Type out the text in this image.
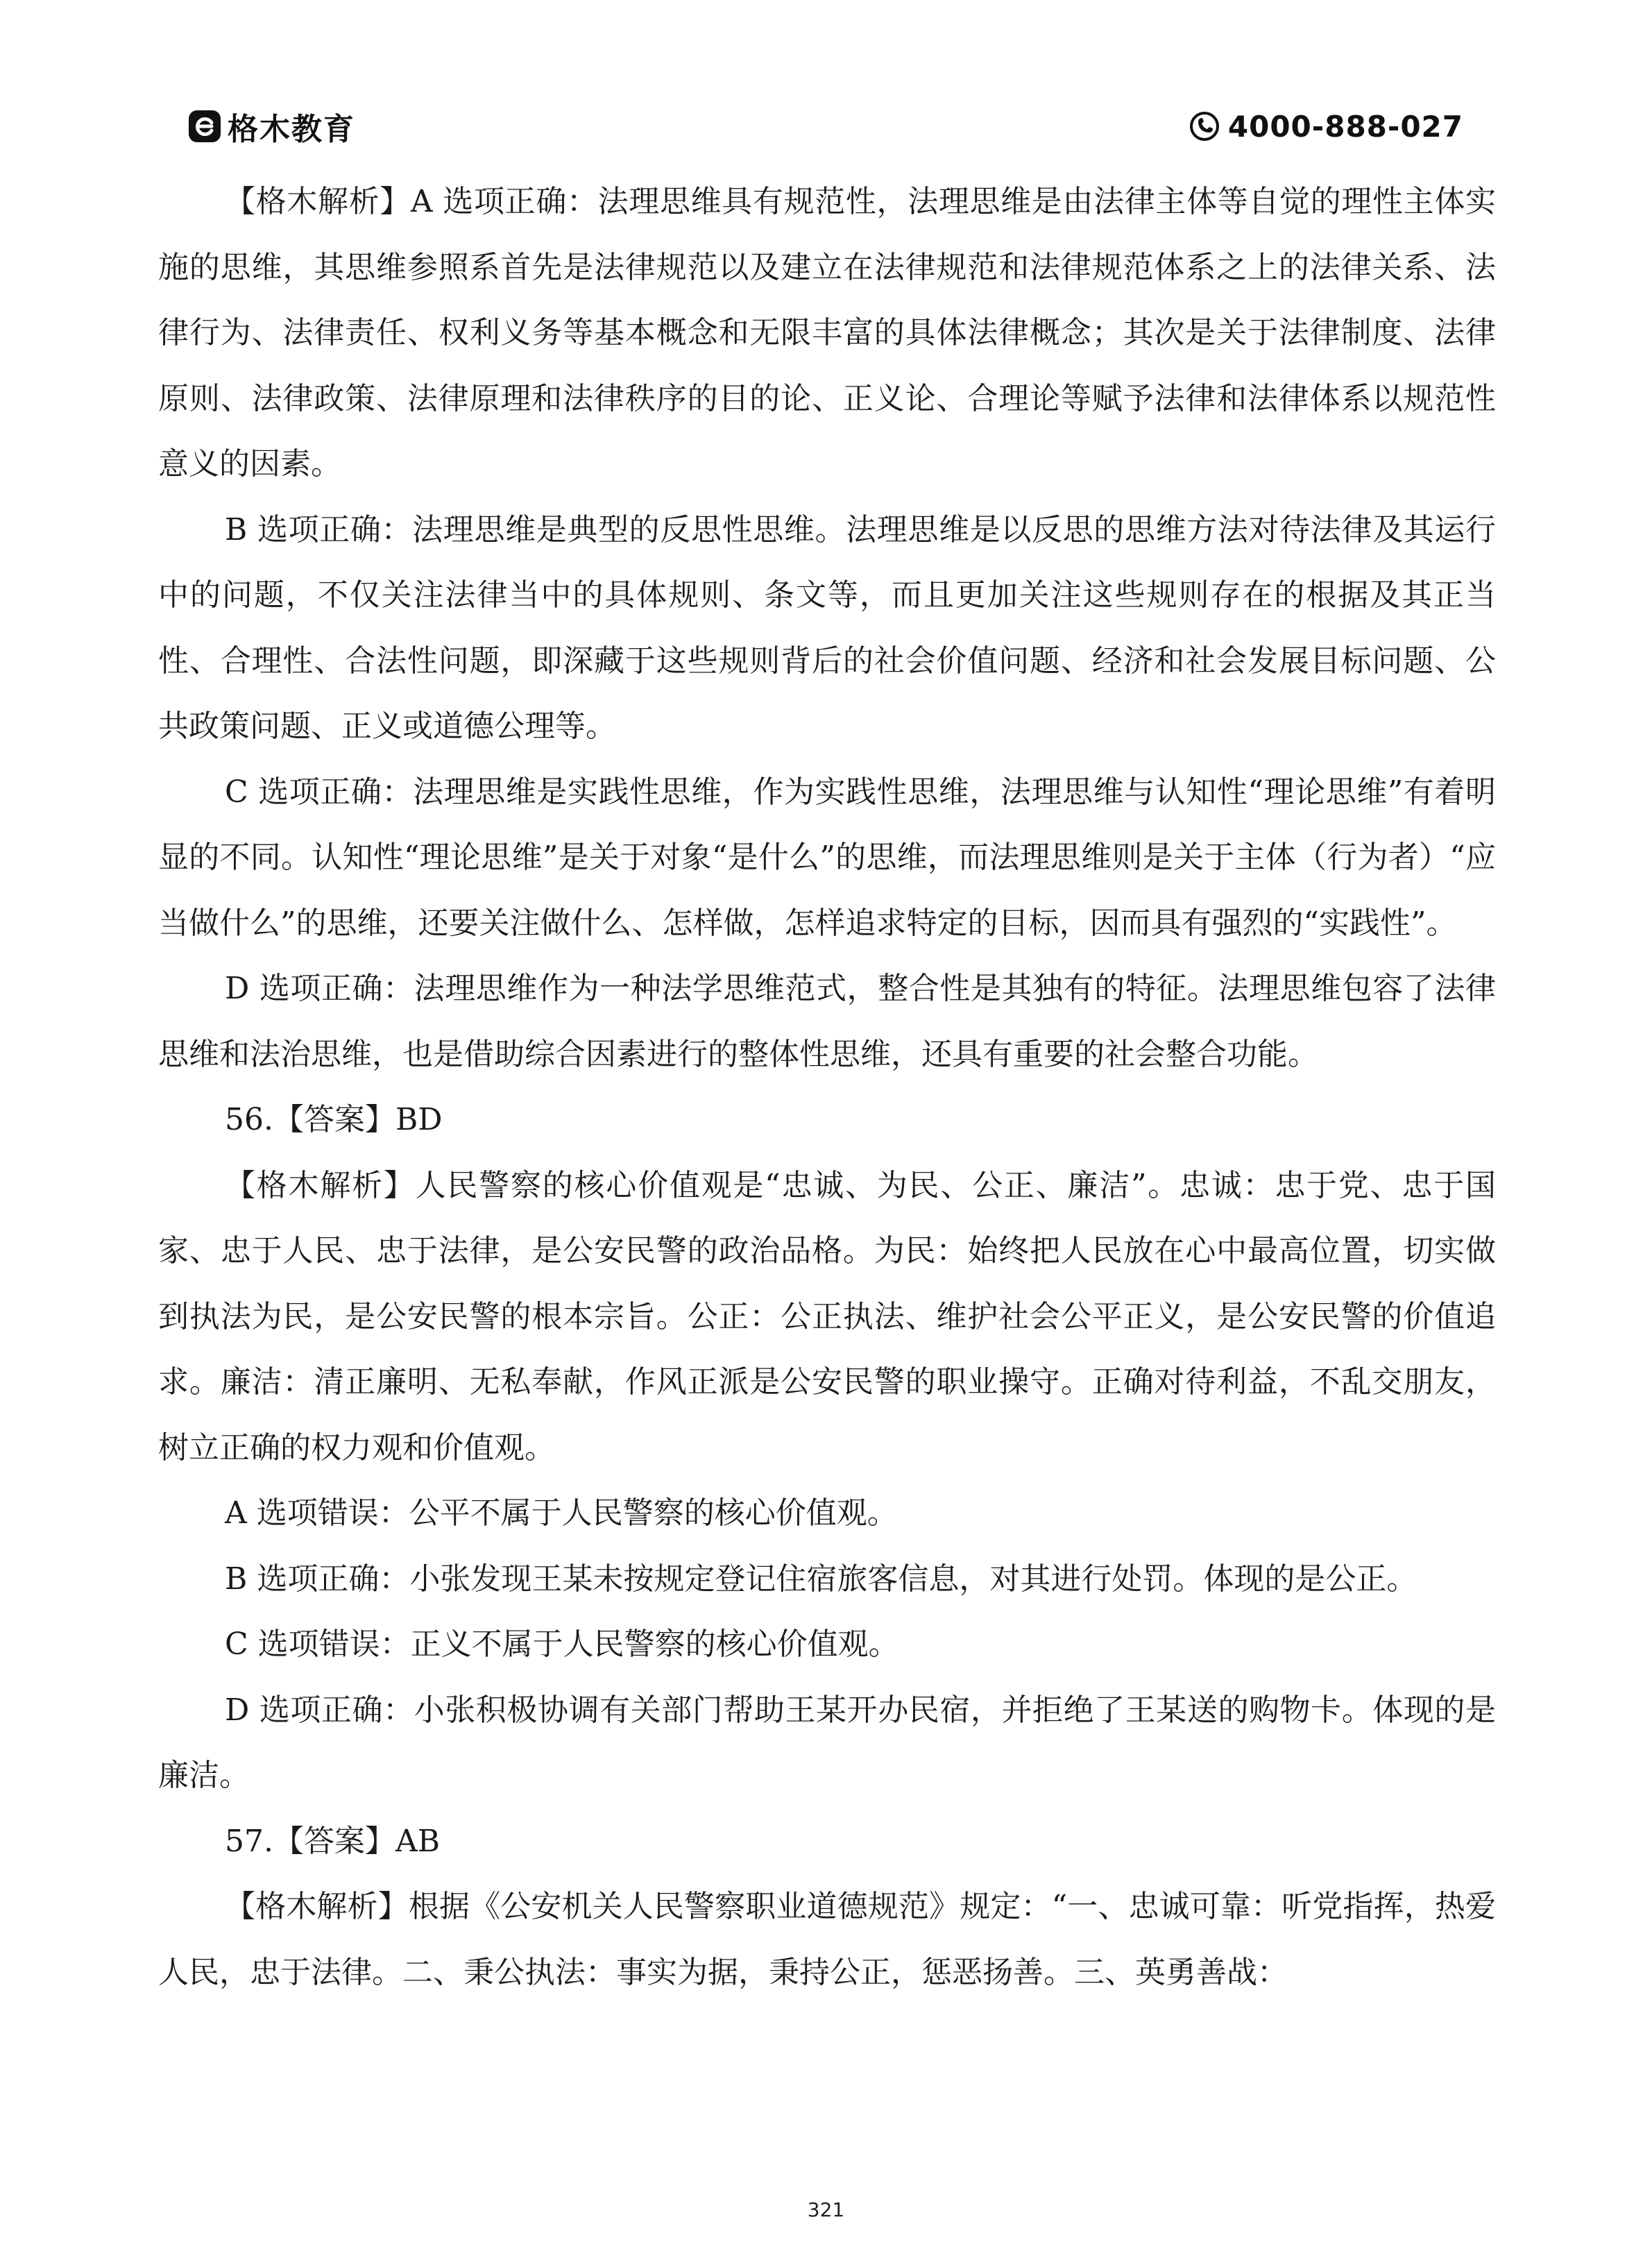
格木教育	4000-888-027

【格木解析】A 选项正确：法理思维具有规范性，法理思维是由法律主体等自觉的理性主体实施的思维，其思维参照系首先是法律规范以及建立在法律规范和法律规范体系之上的法律关系、法律行为、法律责任、权利义务等基本概念和无限丰富的具体法律概念；其次是关于法律制度、法律原则、法律政策、法律原理和法律秩序的目的论、正义论、合理论等赋予法律和法律体系以规范性意义的因素。

B 选项正确：法理思维是典型的反思性思维。法理思维是以反思的思维方法对待法律及其运行中的问题，不仅关注法律当中的具体规则、条文等，而且更加关注这些规则存在的根据及其正当性、合理性、合法性问题，即深藏于这些规则背后的社会价值问题、经济和社会发展目标问题、公共政策问题、正义或道德公理等。

C 选项正确：法理思维是实践性思维，作为实践性思维，法理思维与认知性“理论思维”有着明显的不同。认知性“理论思维”是关于对象“是什么”的思维，而法理思维则是关于主体（行为者）“应当做什么”的思维，还要关注做什么、怎样做，怎样追求特定的目标，因而具有强烈的“实践性”。

D 选项正确：法理思维作为一种法学思维范式，整合性是其独有的特征。法理思维包容了法律思维和法治思维，也是借助综合因素进行的整体性思维，还具有重要的社会整合功能。

56.【答案】BD

【格木解析】人民警察的核心价值观是“忠诚、为民、公正、廉洁”。忠诚：忠于党、忠于国家、忠于人民、忠于法律，是公安民警的政治品格。为民：始终把人民放在心中最高位置，切实做到执法为民，是公安民警的根本宗旨。公正：公正执法、维护社会公平正义，是公安民警的价值追求。廉洁：清正廉明、无私奉献，作风正派是公安民警的职业操守。正确对待利益，不乱交朋友，树立正确的权力观和价值观。

A 选项错误：公平不属于人民警察的核心价值观。

B 选项正确：小张发现王某未按规定登记住宿旅客信息，对其进行处罚。体现的是公正。

C 选项错误：正义不属于人民警察的核心价值观。

D 选项正确：小张积极协调有关部门帮助王某开办民宿，并拒绝了王某送的购物卡。体现的是廉洁。

57.【答案】AB

【格木解析】根据《公安机关人民警察职业道德规范》规定：“一、忠诚可靠：听党指挥，热爱人民，忠于法律。二、秉公执法：事实为据，秉持公正，惩恶扬善。三、英勇善战：

321
